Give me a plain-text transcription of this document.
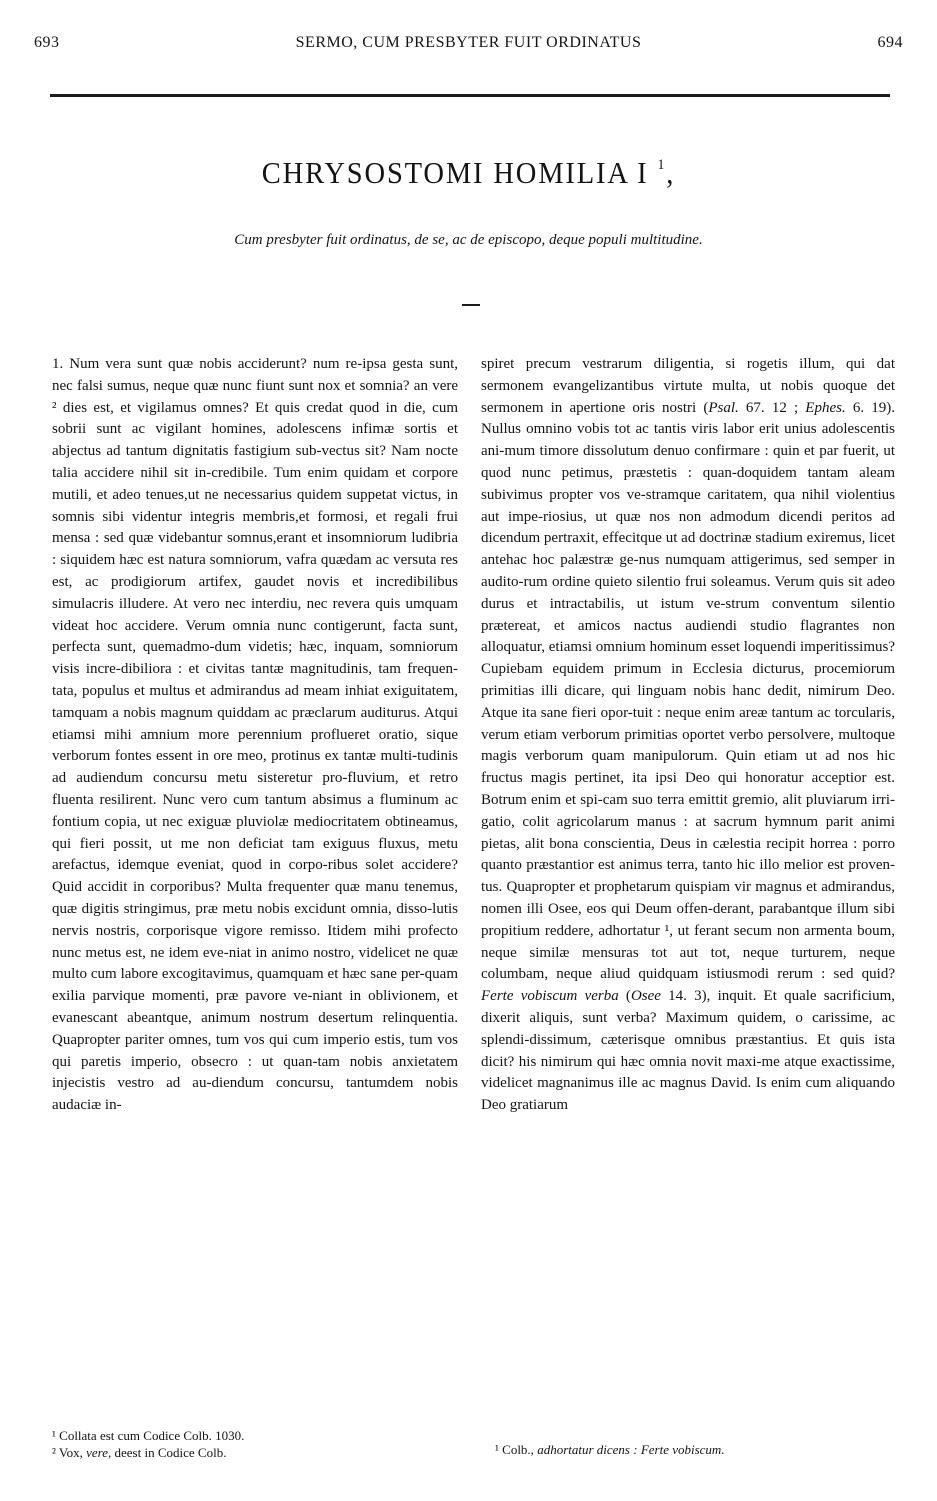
693	SERMO, CUM PRESBYTER FUIT ORDINATUS	694
CHRYSOSTOMI HOMILIA I $^1$,
Cum presbyter fuit ordinatus, de se, ac de episcopo, deque populi multitudine.

1. Num vera sunt quæ nobis acciderunt? num re-ipsa gesta sunt, nec falsi sumus, neque quæ nunc fiunt sunt nox et somnia? an vere ² dies est, et vigilamus omnes? Et quis credat quod in die, cum sobrii sunt ac vigilant homines, adolescens infimæ sortis et abjectus ad tantum dignitatis fastigium sub-vectus sit? Nam nocte talia accidere nihil sit in-credibile. Tum enim quidam et corpore mutili, et adeo tenues,ut ne necessarius quidem suppetat victus, in somnis sibi videntur integris membris,et formosi, et regali frui mensa : sed quæ videbantur somnus,erant et insomniorum ludibria : siquidem hæc est natura somniorum, vafra quædam ac versuta res est, ac prodigiorum artifex, gaudet novis et incredibilibus simulacris illudere. At vero nec interdiu, nec revera quis umquam videat hoc accidere. Verum omnia nunc contigerunt, facta sunt, perfecta sunt, quemadmo-dum videtis; hæc, inquam, somniorum visis incre-dibiliora : et civitas tantæ magnitudinis, tam frequen-tata, populus et multus et admirandus ad meam inhiat exiguitatem, tamquam a nobis magnum quiddam ac præclarum auditurus. Atqui etiamsi mihi amnium more perennium proflueret oratio, sique verborum fontes essent in ore meo, protinus ex tantæ multi-tudinis ad audiendum concursu metu sisteretur pro-fluvium, et retro fluenta resilirent. Nunc vero cum tantum absimus a fluminum ac fontium copia, ut nec exiguæ pluviolæ mediocritatem obtineamus, qui fieri possit, ut me non deficiat tam exiguus fluxus, metu arefactus, idemque eveniat, quod in corpo-ribus solet accidere? Quid accidit in corporibus? Multa frequenter quæ manu tenemus, quæ digitis stringimus, præ metu nobis excidunt omnia, disso-lutis nervis nostris, corporisque vigore remisso. Itidem mihi profecto nunc metus est, ne idem eve-niat in animo nostro, videlicet ne quæ multo cum labore excogitavimus, quamquam et hæc sane per-quam exilia parvique momenti, præ pavore ve-niant in oblivionem, et evanescant abeantque, animum nostrum desertum relinquentia. Quapropter pariter omnes, tum vos qui cum imperio estis, tum vos qui paretis imperio, obsecro : ut quan-tam nobis anxietatem injecistis vestro ad au-diendum concursu, tantumdem nobis audaciæ in-

spiret precum vestrarum diligentia, si rogetis illum, qui dat sermonem evangelizantibus virtute multa, ut nobis quoque det sermonem in apertione oris nostri (Psal. 67. 12 ; Ephes. 6. 19). Nullus omnino vobis tot ac tantis viris labor erit unius adolescentis ani-mum timore dissolutum denuo confirmare : quin et par fuerit, ut quod nunc petimus, præstetis : quan-doquidem tantam aleam subivimus propter vos ve-stramque caritatem, qua nihil violentius aut impe-riosius, ut quæ nos non admodum dicendi peritos ad dicendum pertraxit, effecitque ut ad doctrinæ stadium exiremus, licet antehac hoc palæstræ ge-nus numquam attigerimus, sed semper in audito-rum ordine quieto silentio frui soleamus. Verum quis sit adeo durus et intractabilis, ut istum ve-strum conventum silentio prætereat, et amicos nactus audiendi studio flagrantes non alloquatur, etiamsi omnium hominum esset loquendi imperitissimus? Cupiebam equidem primum in Ecclesia dicturus, procemiorum primitias illi dicare, qui linguam nobis hanc dedit, nimirum Deo. Atque ita sane fieri opor-tuit : neque enim areæ tantum ac torcularis, verum etiam verborum primitias oportet verbo persolvere, multoque magis verborum quam manipulorum. Quin etiam ut ad nos hic fructus magis pertinet, ita ipsi Deo qui honoratur acceptior est. Botrum enim et spi-cam suo terra emittit gremio, alit pluviarum irri-gatio, colit agricolarum manus : at sacrum hymnum parit animi pietas, alit bona conscientia, Deus in cælestia recipit horrea : porro quanto præstantior est animus terra, tanto hic illo melior est proven-tus. Quapropter et prophetarum quispiam vir magnus et admirandus, nomen illi Osee, eos qui Deum offen-derant, parabantque illum sibi propitium reddere, adhortatur ¹, ut ferant secum non armenta boum, neque similæ mensuras tot aut tot, neque turturem, neque columbam, neque aliud quidquam istiusmodi rerum : sed quid? Ferte vobiscum verba (Osee 14. 3), inquit. Et quale sacrificium, dixerit aliquis, sunt verba? Maximum quidem, o carissime, ac splendi-dissimum, cæterisque omnibus præstantius. Et quis ista dicit? his nimirum qui hæc omnia novit maxi-me atque exactissime, videlicet magnanimus ille ac magnus David. Is enim cum aliquando Deo gratiarum

¹ Collata est cum Codice Colb. 1030.
² Vox, vere, deest in Codice Colb.	¹ Colb., adhortatur dicens : Ferte vobiscum.
